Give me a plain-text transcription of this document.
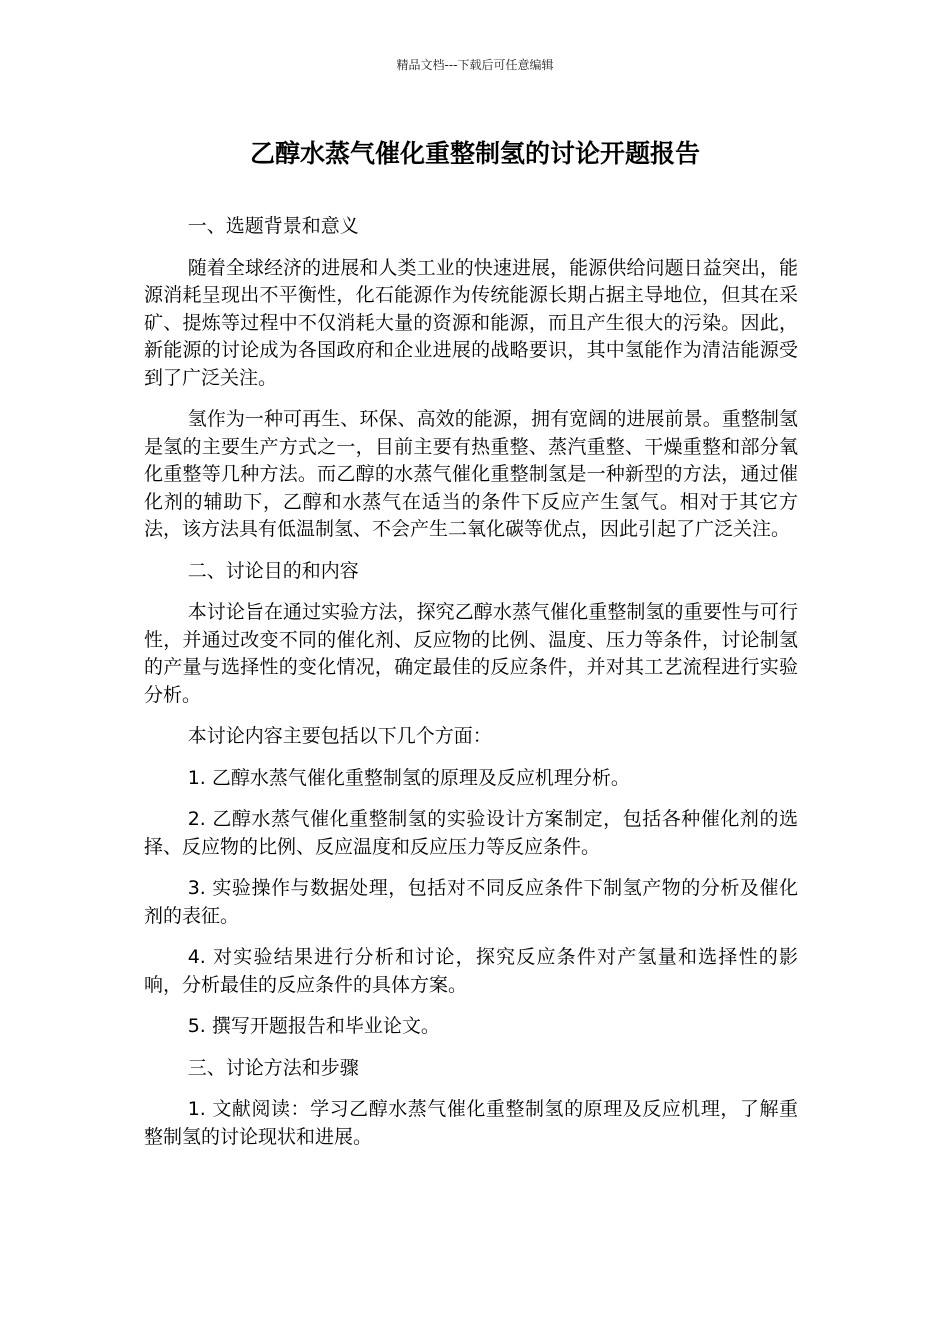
精品文档---下载后可任意编辑
乙醇水蒸气催化重整制氢的讨论开题报告

一、选题背景和意义

随着全球经济的进展和人类工业的快速进展，能源供给问题日益突出，能源消耗呈现出不平衡性，化石能源作为传统能源长期占据主导地位，但其在采矿、提炼等过程中不仅消耗大量的资源和能源，而且产生很大的污染。因此，新能源的讨论成为各国政府和企业进展的战略要识，其中氢能作为清洁能源受到了广泛关注。

氢作为一种可再生、环保、高效的能源，拥有宽阔的进展前景。重整制氢是氢的主要生产方式之一，目前主要有热重整、蒸汽重整、干燥重整和部分氧化重整等几种方法。而乙醇的水蒸气催化重整制氢是一种新型的方法，通过催化剂的辅助下，乙醇和水蒸气在适当的条件下反应产生氢气。相对于其它方法，该方法具有低温制氢、不会产生二氧化碳等优点，因此引起了广泛关注。

二、讨论目的和内容

本讨论旨在通过实验方法，探究乙醇水蒸气催化重整制氢的重要性与可行性，并通过改变不同的催化剂、反应物的比例、温度、压力等条件，讨论制氢的产量与选择性的变化情况，确定最佳的反应条件，并对其工艺流程进行实验分析。

本讨论内容主要包括以下几个方面：

1. 乙醇水蒸气催化重整制氢的原理及反应机理分析。

2. 乙醇水蒸气催化重整制氢的实验设计方案制定，包括各种催化剂的选择、反应物的比例、反应温度和反应压力等反应条件。

3. 实验操作与数据处理，包括对不同反应条件下制氢产物的分析及催化剂的表征。

4. 对实验结果进行分析和讨论，探究反应条件对产氢量和选择性的影响，分析最佳的反应条件的具体方案。

5. 撰写开题报告和毕业论文。

三、讨论方法和步骤

1. 文献阅读：学习乙醇水蒸气催化重整制氢的原理及反应机理，了解重整制氢的讨论现状和进展。
